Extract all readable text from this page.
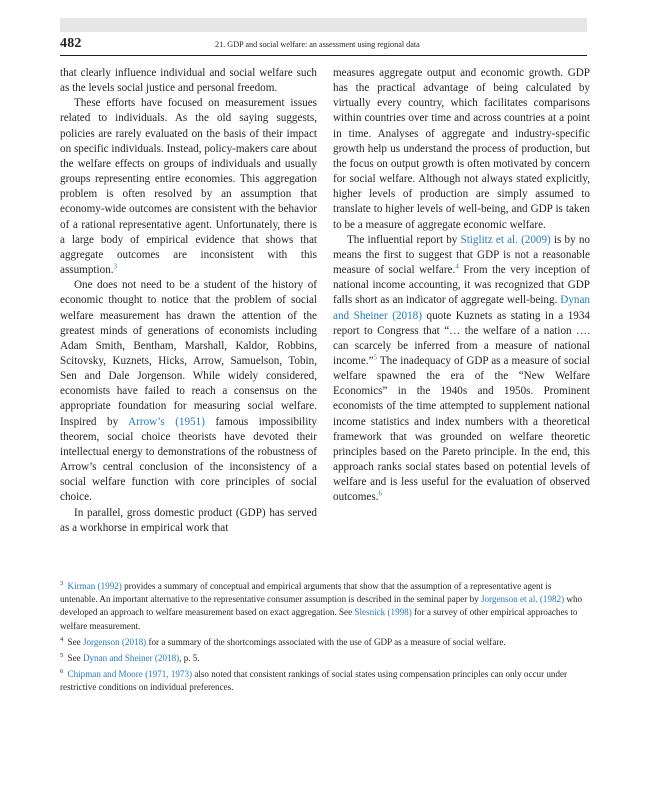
482	21. GDP and social welfare: an assessment using regional data

that clearly influence individual and social welfare such as the levels social justice and personal freedom.

These efforts have focused on measurement issues related to individuals. As the old saying suggests, policies are rarely evaluated on the basis of their impact on specific individuals. Instead, policy-makers care about the welfare effects on groups of individuals and usually groups representing entire economies. This aggregation problem is often resolved by an assumption that economy-wide outcomes are consistent with the behavior of a rational representative agent. Unfortunately, there is a large body of empirical evidence that shows that aggregate outcomes are inconsistent with this assumption.$^3$

One does not need to be a student of the history of economic thought to notice that the problem of social welfare measurement has drawn the attention of the greatest minds of generations of economists including Adam Smith, Bentham, Marshall, Kaldor, Robbins, Scitovsky, Kuznets, Hicks, Arrow, Samuelson, Tobin, Sen and Dale Jorgenson. While widely considered, economists have failed to reach a consensus on the appropriate foundation for measuring social welfare. Inspired by Arrow’s (1951) famous impossibility theorem, social choice theorists have devoted their intellectual energy to demonstrations of the robustness of Arrow’s central conclusion of the inconsistency of a social welfare function with core principles of social choice.

In parallel, gross domestic product (GDP) has served as a workhorse in empirical work that

measures aggregate output and economic growth. GDP has the practical advantage of being calculated by virtually every country, which facilitates comparisons within countries over time and across countries at a point in time. Analyses of aggregate and industry-specific growth help us understand the process of production, but the focus on output growth is often motivated by concern for social welfare. Although not always stated explicitly, higher levels of production are simply assumed to translate to higher levels of well-being, and GDP is taken to be a measure of aggregate economic welfare.

The influential report by Stiglitz et al. (2009) is by no means the first to suggest that GDP is not a reasonable measure of social welfare.$^4$ From the very inception of national income accounting, it was recognized that GDP falls short as an indicator of aggregate well-being. Dynan and Sheiner (2018) quote Kuznets as stating in a 1934 report to Congress that “… the welfare of a nation …. can scarcely be inferred from a measure of national income.”$^5$ The inadequacy of GDP as a measure of social welfare spawned the era of the “New Welfare Economics” in the 1940s and 1950s. Prominent economists of the time attempted to supplement national income statistics and index numbers with a theoretical framework that was grounded on welfare theoretic principles based on the Pareto principle. In the end, this approach ranks social states based on potential levels of welfare and is less useful for the evaluation of observed outcomes.$^6$

$^3$ Kirman (1992) provides a summary of conceptual and empirical arguments that show that the assumption of a representative agent is untenable. An important alternative to the representative consumer assumption is described in the seminal paper by Jorgenson et al. (1982) who developed an approach to welfare measurement based on exact aggregation. See Slesnick (1998) for a survey of other empirical approaches to welfare measurement.

$^4$ See Jorgenson (2018) for a summary of the shortcomings associated with the use of GDP as a measure of social welfare.

$^5$ See Dynan and Sheiner (2018), p. 5.

$^6$ Chipman and Moore (1971, 1973) also noted that consistent rankings of social states using compensation principles can only occur under restrictive conditions on individual preferences.
